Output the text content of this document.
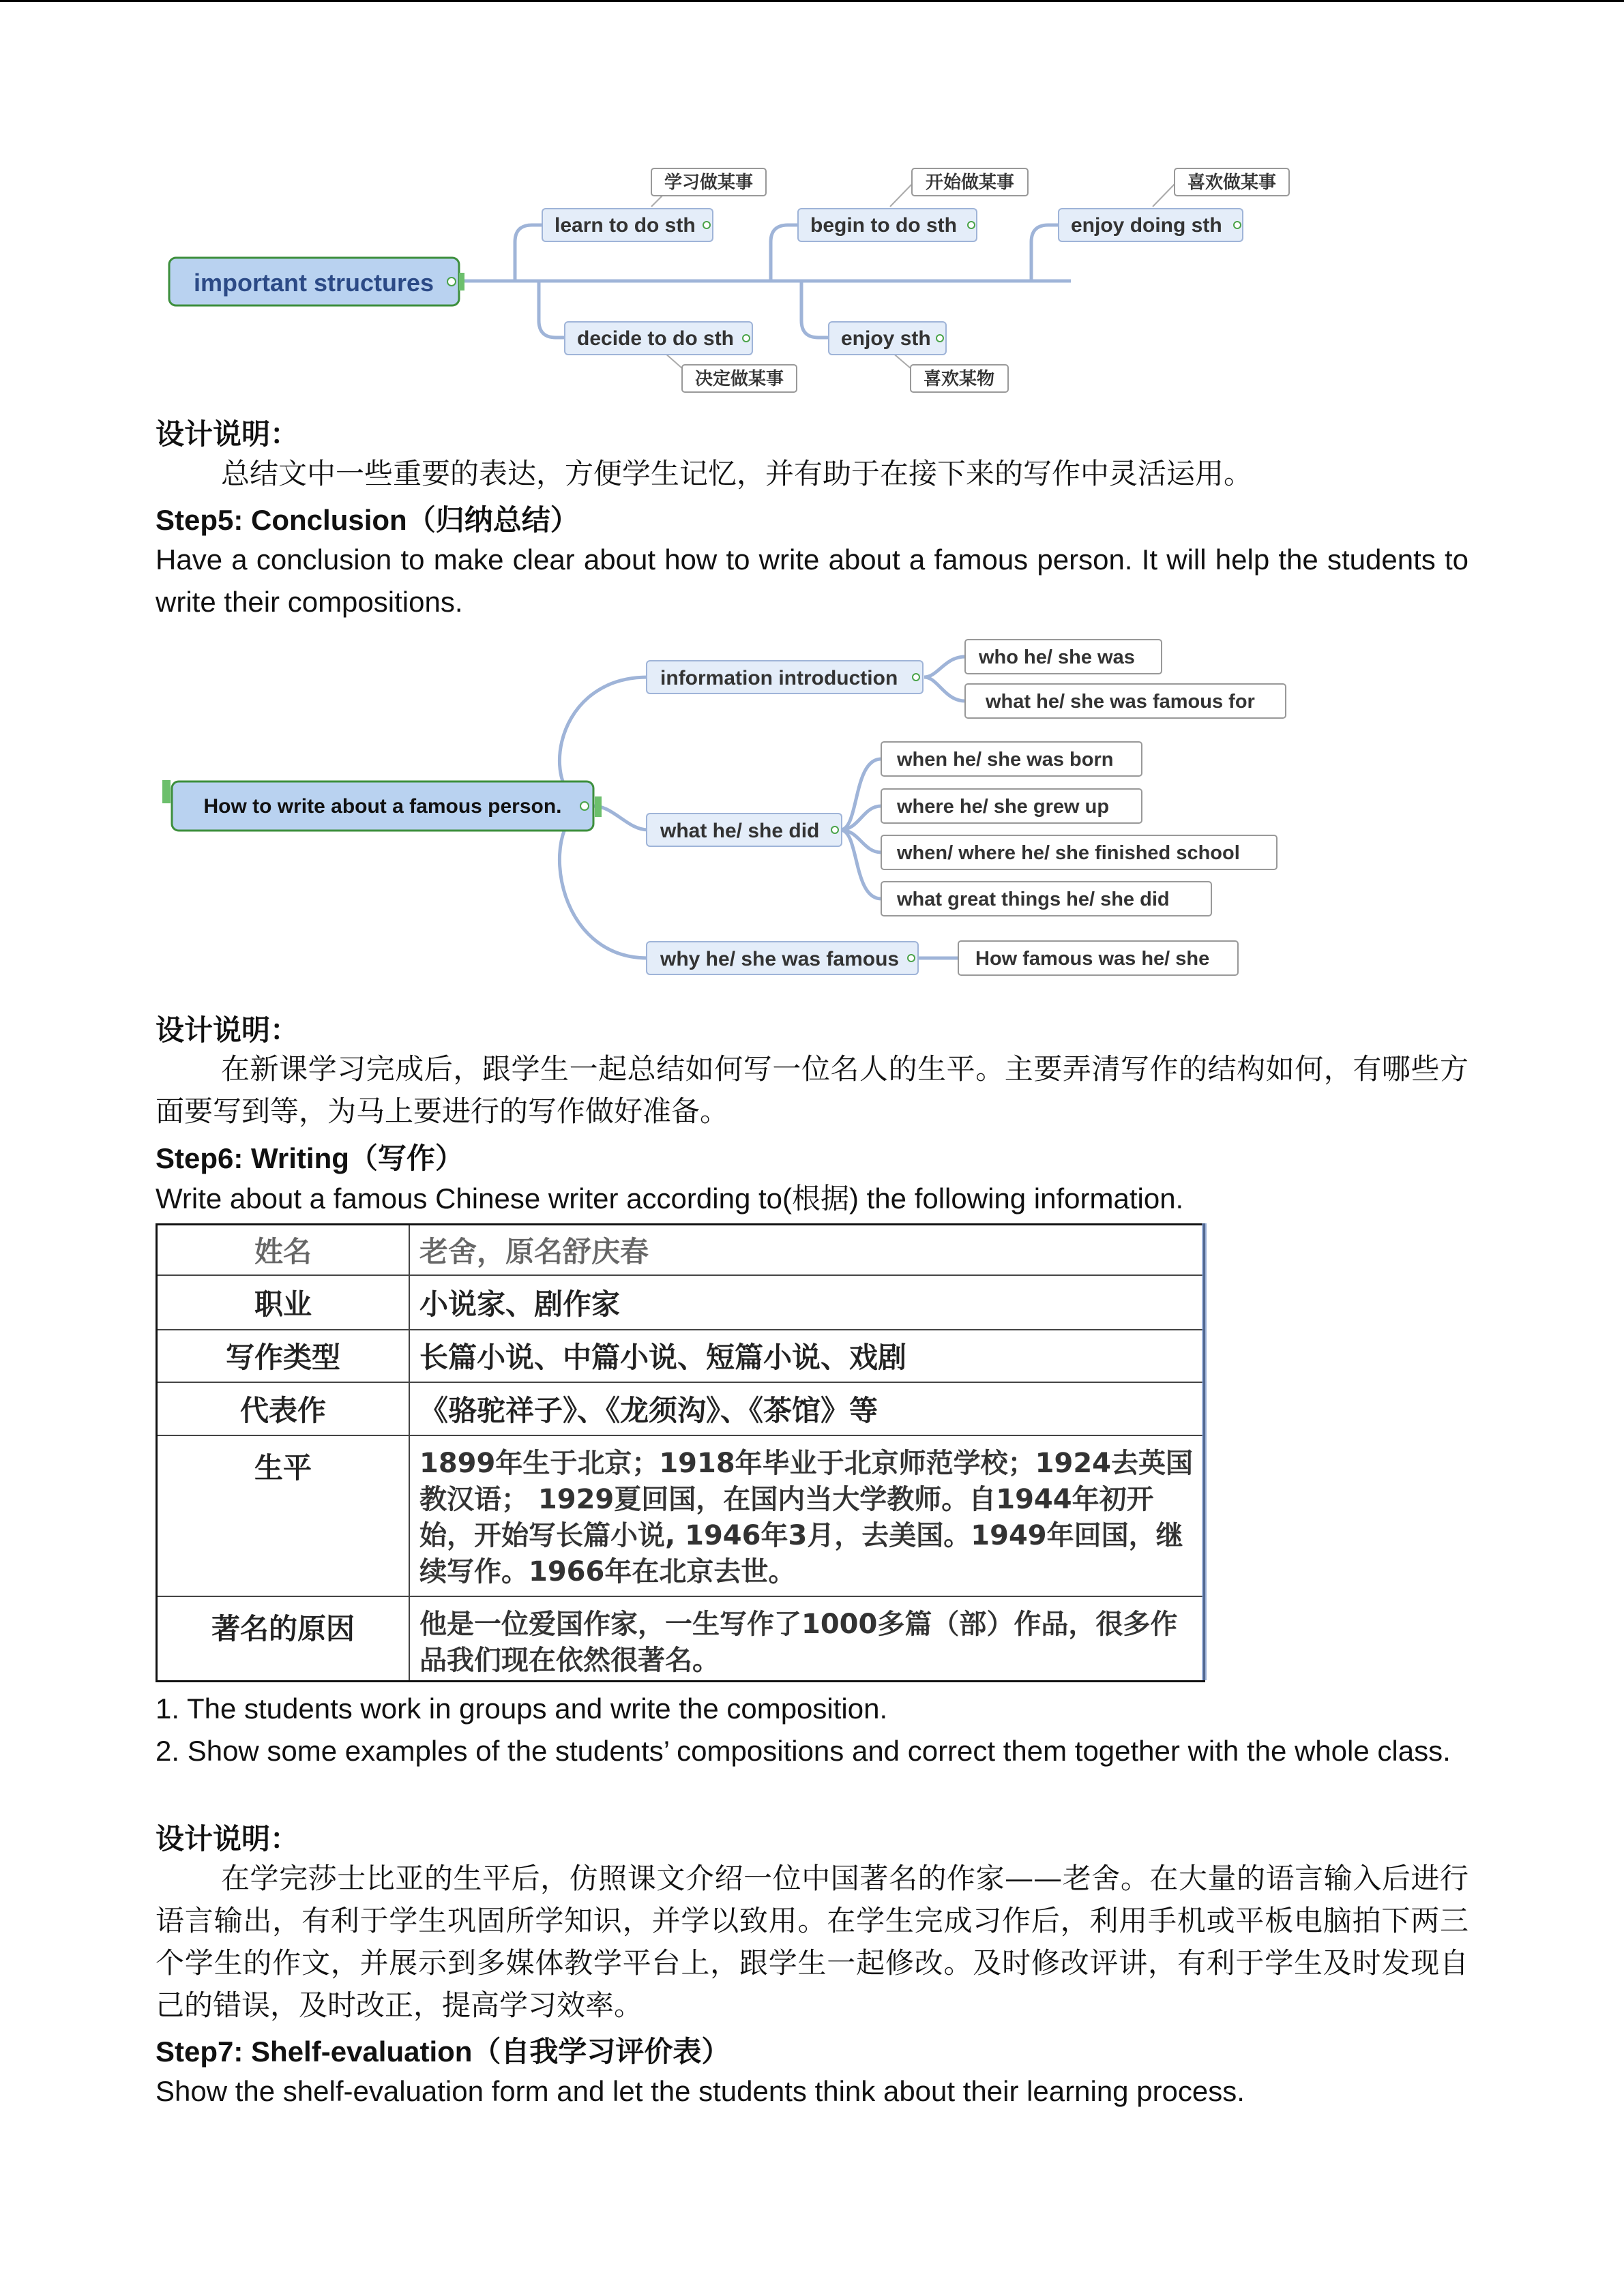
important structures
learn to do sth
学习做某事
begin to do sth
开始做某事
enjoy doing sth
喜欢做某事
decide to do sth
决定做某事
enjoy sth
喜欢某物
设计说明：
总结文中一些重要的表达，方便学生记忆，并有助于在接下来的写作中灵活运用。
Step5: Conclusion（归纳总结）
Have a conclusion to make clear about how to write about a famous person. It will help the students to write their compositions.
How to write about a famous person.
information introduction
what he/ she did
why he/ she was famous
who he/ she was
what he/ she was famous for
when he/ she was born
where he/ she grew up
when/ where he/ she finished school
what great things he/ she did
How famous was he/ she
设计说明：
在新课学习完成后，跟学生一起总结如何写一位名人的生平。主要弄清写作的结构如何，有哪些方面要写到等，为马上要进行的写作做好准备。
Step6: Writing（写作）
Write about a famous Chinese writer according to(根据) the following information.
姓名	老舍，原名舒庆春
职业	小说家、剧作家
写作类型	长篇小说、中篇小说、短篇小说、戏剧
代表作	《骆驼祥子》、《龙须沟》、《茶馆》等
生平	1899年生于北京；1918年毕业于北京师范学校；1924去英国教汉语； 1929夏回国，在国内当大学教师。自1944年初开始，开始写长篇小说, 1946年3月，去美国。1949年回国，继续写作。1966年在北京去世。
著名的原因	他是一位爱国作家，一生写作了1000多篇（部）作品，很多作品我们现在依然很著名。
1. The students work in groups and write the composition.
2. Show some examples of the students’ compositions and correct them together with the whole class.
设计说明：
在学完莎士比亚的生平后，仿照课文介绍一位中国著名的作家——老舍。在大量的语言输入后进行语言输出，有利于学生巩固所学知识，并学以致用。在学生完成习作后，利用手机或平板电脑拍下两三个学生的作文，并展示到多媒体教学平台上，跟学生一起修改。及时修改评讲，有利于学生及时发现自己的错误，及时改正，提高学习效率。
Step7: Shelf-evaluation（自我学习评价表）
Show the shelf-evaluation form and let the students think about their learning process.
